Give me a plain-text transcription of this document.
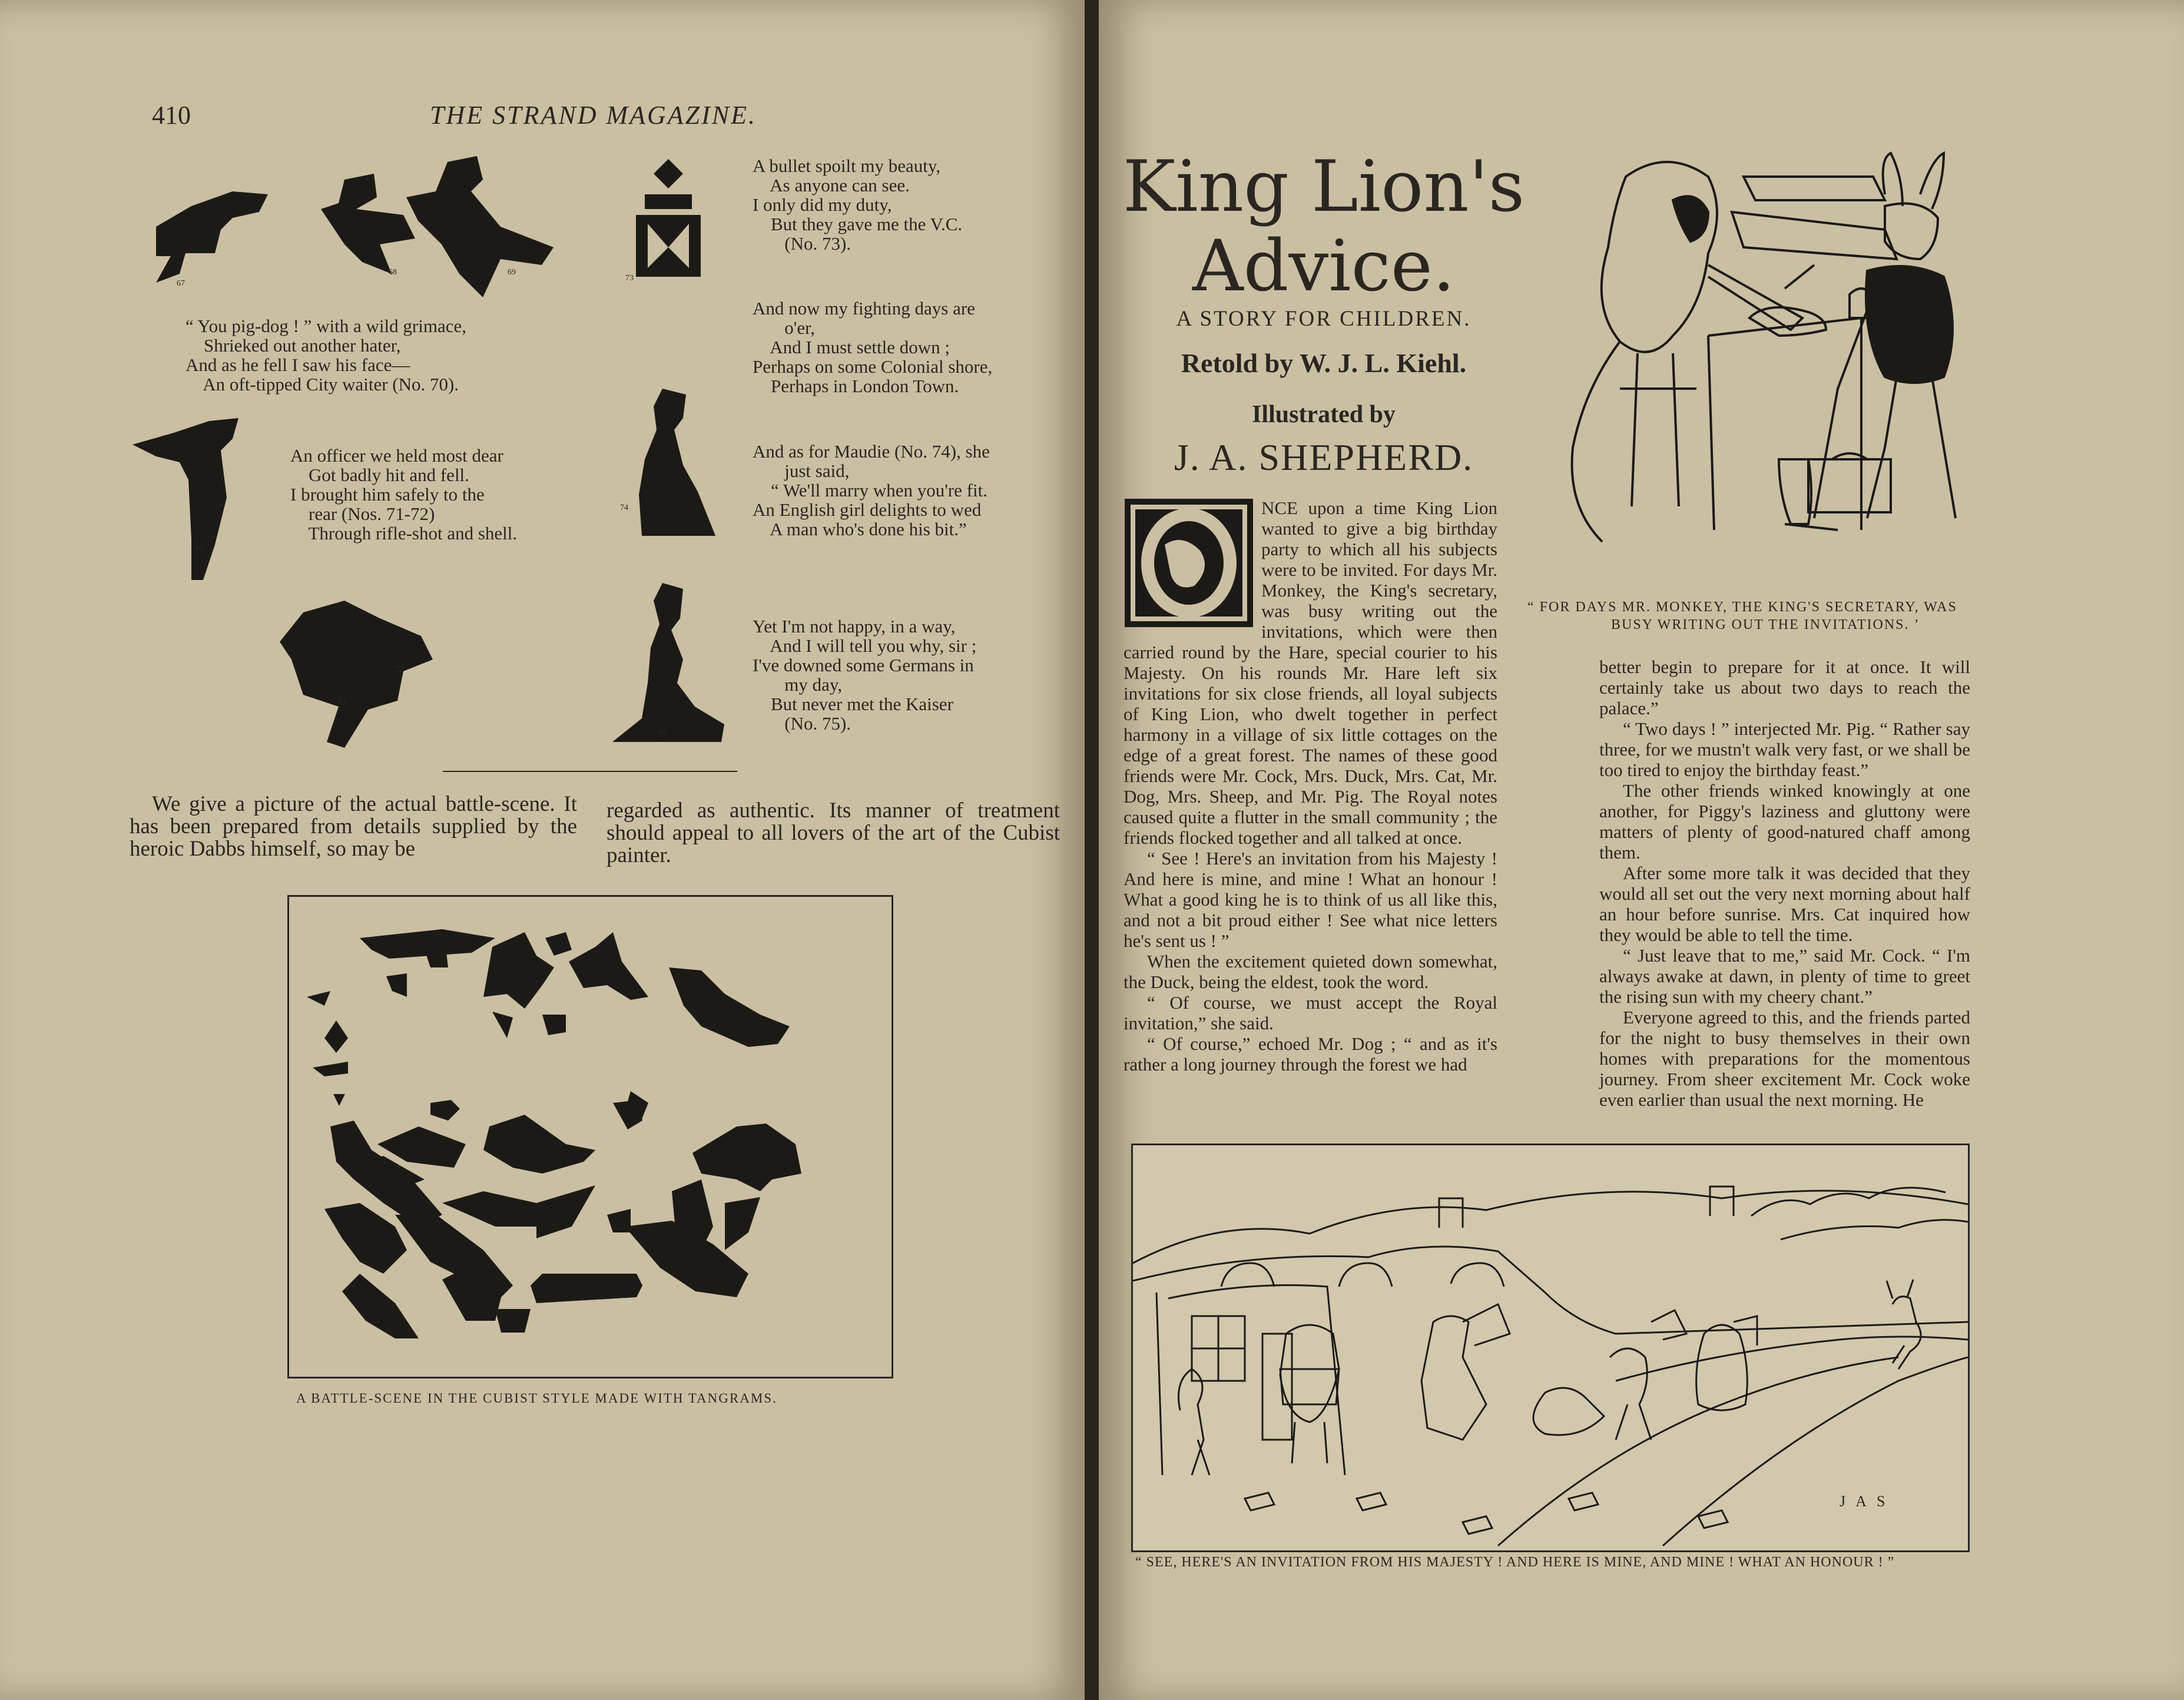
410	THE STRAND MAGAZINE.
67
68	69
“ You pig-dog ! ” with a wild grimace,
Shrieked out another hater,
And as he fell I saw his face—
An oft-tipped City waiter (No. 70).
70
An officer we held most dear
Got badly hit and fell.
I brought him safely to the
rear (Nos. 71-72)
Through rifle-shot and shell.
72
71
73
A bullet spoilt my beauty,
As anyone can see.
I only did my duty,
But they gave me the V.C.
(No. 73).
And now my fighting days are
o'er,
And I must settle down ;
Perhaps on some Colonial shore,
Perhaps in London Town.
74
And as for Maudie (No. 74), she
just said,
“ We'll marry when you're fit.
An English girl delights to wed
A man who's done his bit.”
75
Yet I'm not happy, in a way,
And I will tell you why, sir ;
I've downed some Germans in
my day,
But never met the Kaiser
(No. 75).
We give a picture of the actual battle-scene. It has been prepared from details supplied by the heroic Dabbs himself, so may be
regarded as authentic. Its manner of treatment should appeal to all lovers of the art of the Cubist painter.
A BATTLE-SCENE IN THE CUBIST STYLE MADE WITH TANGRAMS.
King Lion's
Advice.
A STORY FOR CHILDREN.
Retold by W. J. L. Kiehl.
Illustrated by
J. A. SHEPHERD.
“ FOR DAYS MR. MONKEY, THE KING'S SECRETARY, WAS
BUSY WRITING OUT THE INVITATIONS. ’

NCE upon a time King Lion wanted to give a big birthday party to which all his subjects were to be invited. For days Mr. Monkey, the King's secretary, was busy writing out the invitations, which were then carried round by the Hare, special courier to his Majesty. On his rounds Mr. Hare left six invitations for six close friends, all loyal subjects of King Lion, who dwelt together in perfect harmony in a village of six little cottages on the edge of a great forest. The names of these good friends were Mr. Cock, Mrs. Duck, Mrs. Cat, Mr. Dog, Mrs. Sheep, and Mr. Pig. The Royal notes caused quite a flutter in the small community ; the friends flocked together and all talked at once.

“ See ! Here's an invitation from his Majesty ! And here is mine, and mine ! What an honour ! What a good king he is to think of us all like this, and not a bit proud either ! See what nice letters he's sent us ! ”

When the excitement quieted down somewhat, the Duck, being the eldest, took the word.

“ Of course, we must accept the Royal invitation,” she said.

“ Of course,” echoed Mr. Dog ; “ and as it's rather a long journey through the forest we had

better begin to prepare for it at once. It will certainly take us about two days to reach the palace.”

“ Two days ! ” interjected Mr. Pig. “ Rather say three, for we mustn't walk very fast, or we shall be too tired to enjoy the birthday feast.”

The other friends winked knowingly at one another, for Piggy's laziness and gluttony were matters of plenty of good-natured chaff among them.

After some more talk it was decided that they would all set out the very next morning about half an hour before sunrise. Mrs. Cat inquired how they would be able to tell the time.

“ Just leave that to me,” said Mr. Cock. “ I'm always awake at dawn, in plenty of time to greet the rising sun with my cheery chant.”

Everyone agreed to this, and the friends parted for the night to busy themselves in their own homes with preparations for the momentous journey. From sheer excitement Mr. Cock woke even earlier than usual the next morning. He

J A S
“ SEE, HERE'S AN INVITATION FROM HIS MAJESTY ! AND HERE IS MINE, AND MINE ! WHAT AN HONOUR ! ”
